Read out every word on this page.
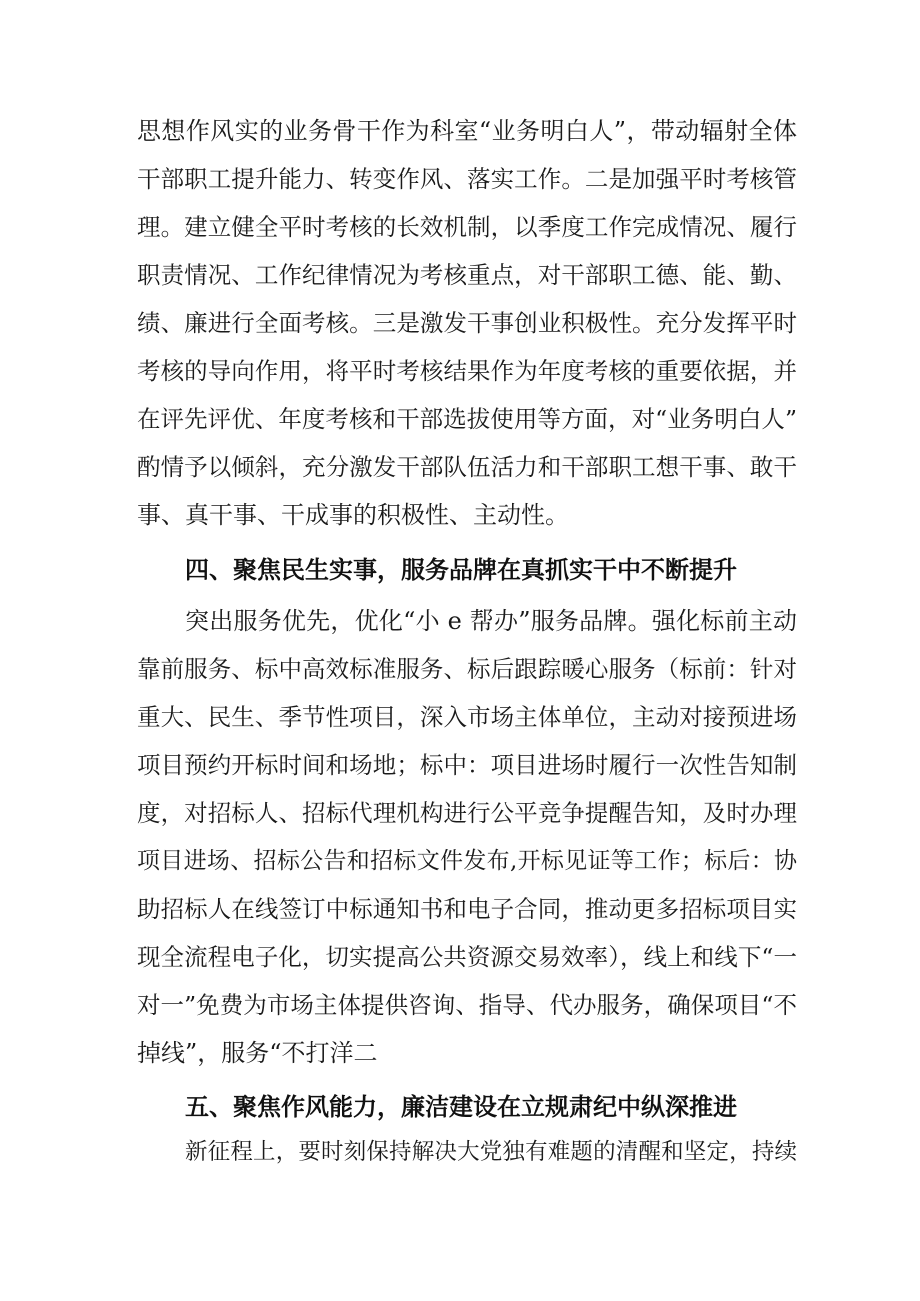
思想作风实的业务骨干作为科室“业务明白人”，带动辐射全体
干部职工提升能力、转变作风、落实工作。二是加强平时考核管
理。建立健全平时考核的长效机制，以季度工作完成情况、履行
职责情况、工作纪律情况为考核重点，对干部职工德、能、勤、
绩、廉进行全面考核。三是激发干事创业积极性。充分发挥平时
考核的导向作用，将平时考核结果作为年度考核的重要依据，并
在评先评优、年度考核和干部选拔使用等方面，对“业务明白人”
酌情予以倾斜，充分激发干部队伍活力和干部职工想干事、敢干
事、真干事、干成事的积极性、主动性。
四、聚焦民生实事，服务品牌在真抓实干中不断提升
突出服务优先，优化“小 e 帮办”服务品牌。强化标前主动
靠前服务、标中高效标准服务、标后跟踪暖心服务（标前：针对
重大、民生、季节性项目，深入市场主体单位，主动对接预进场
项目预约开标时间和场地；标中：项目进场时履行一次性告知制
度，对招标人、招标代理机构进行公平竞争提醒告知，及时办理
项目进场、招标公告和招标文件发布,开标见证等工作；标后：协
助招标人在线签订中标通知书和电子合同，推动更多招标项目实
现全流程电子化，切实提高公共资源交易效率），线上和线下“一
对一”免费为市场主体提供咨询、指导、代办服务，确保项目“不
掉线”，服务“不打洋二
五、聚焦作风能力，廉洁建设在立规肃纪中纵深推进
新征程上，要时刻保持解决大党独有难题的清醒和坚定，持续
